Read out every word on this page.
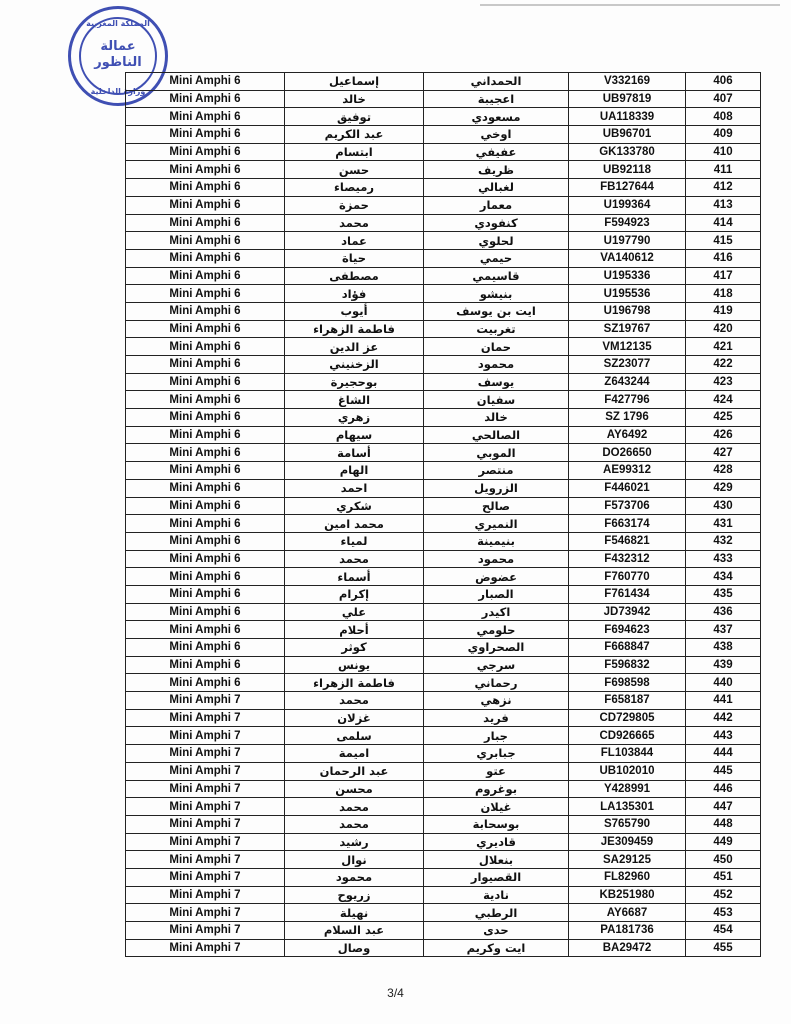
المملكة المغربية
عمالة
الناظور
وزارة الداخلية
Mini Amphi 6	إسماعيل	الحمداني	V332169	406
Mini Amphi 6	خالد	اعجيبة	UB97819	407
Mini Amphi 6	توفيق	مسعودي	UA118339	408
Mini Amphi 6	عبد الكريم	اوخي	UB96701	409
Mini Amphi 6	ابتسام	عفيفي	GK133780	410
Mini Amphi 6	حسن	ظريف	UB92118	411
Mini Amphi 6	رميصاء	لغبالي	FB127644	412
Mini Amphi 6	حمزة	معمار	U199364	413
Mini Amphi 6	محمد	كنفودي	F594923	414
Mini Amphi 6	عماد	لحلوي	U197790	415
Mini Amphi 6	حياة	حيمي	VA140612	416
Mini Amphi 6	مصطفى	قاسيمي	U195336	417
Mini Amphi 6	فؤاد	بنيشو	U195536	418
Mini Amphi 6	أيوب	ايت بن يوسف	U196798	419
Mini Amphi 6	فاطمة الزهراء	تغربيت	SZ19767	420
Mini Amphi 6	عز الدين	حمان	VM12135	421
Mini Amphi 6	الزخنيني	محمود	SZ23077	422
Mini Amphi 6	بوحجيرة	يوسف	Z643244	423
Mini Amphi 6	الشاغ	سفيان	F427796	424
Mini Amphi 6	زهري	خالد	SZ 1796	425
Mini Amphi 6	سيهام	الصالحي	AY6492	426
Mini Amphi 6	أسامة	الموبي	DO26650	427
Mini Amphi 6	الهام	منتصر	AE99312	428
Mini Amphi 6	احمد	الزرويل	F446021	429
Mini Amphi 6	شكري	صالح	F573706	430
Mini Amphi 6	محمد امين	النميري	F663174	431
Mini Amphi 6	لمياء	بنيمينة	F546821	432
Mini Amphi 6	محمد	محمود	F432312	433
Mini Amphi 6	أسماء	عضوض	F760770	434
Mini Amphi 6	إكرام	الصبار	F761434	435
Mini Amphi 6	علي	اكيدر	JD73942	436
Mini Amphi 6	أحلام	حلومي	F694623	437
Mini Amphi 6	كوثر	الصحراوي	F668847	438
Mini Amphi 6	يونس	سرجي	F596832	439
Mini Amphi 6	فاطمة الزهراء	رحماني	F698598	440
Mini Amphi 7	محمد	نزهي	F658187	441
Mini Amphi 7	غزلان	فريد	CD729805	442
Mini Amphi 7	سلمى	جبار	CD926665	443
Mini Amphi 7	اميمة	جبابري	FL103844	444
Mini Amphi 7	عبد الرحمان	عتو	UB102010	445
Mini Amphi 7	محسن	بوغروم	Y428991	446
Mini Amphi 7	محمد	غيلان	LA135301	447
Mini Amphi 7	محمد	بوسحابة	S765790	448
Mini Amphi 7	رشيد	قاديري	JE309459	449
Mini Amphi 7	نوال	بنعلال	SA29125	450
Mini Amphi 7	محمود	القصيوار	FL82960	451
Mini Amphi 7	زريوح	نادية	KB251980	452
Mini Amphi 7	نهيلة	الرطبي	AY6687	453
Mini Amphi 7	عبد السلام	حدى	PA181736	454
Mini Amphi 7	وصال	ايت وكريم	BA29472	455
3/4
